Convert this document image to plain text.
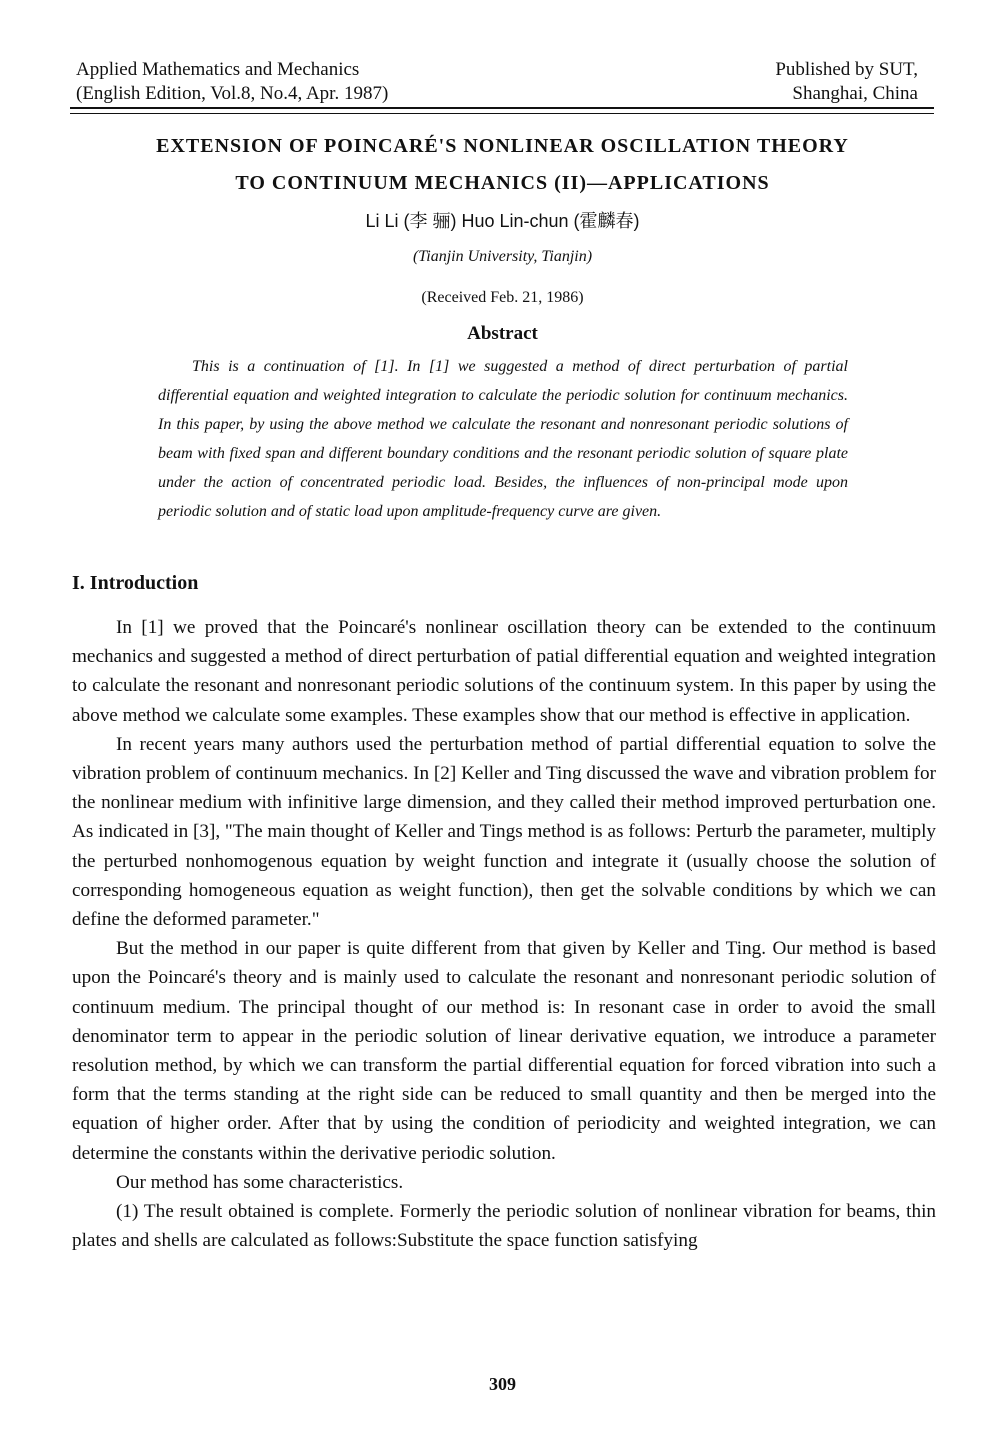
Applied Mathematics and Mechanics
(English Edition, Vol.8, No.4, Apr. 1987)
Published by SUT,
Shanghai, China
EXTENSION OF POINCARÉ'S NONLINEAR OSCILLATION THEORY
TO CONTINUUM MECHANICS (II)—APPLICATIONS
Li Li (李 骊) Huo Lin-chun (霍麟春)
(Tianjin University, Tianjin)
(Received Feb. 21, 1986)
Abstract

This is a continuation of [1]. In [1] we suggested a method of direct perturbation of partial differential equation and weighted integration to calculate the periodic solution for continuum mechanics. In this paper, by using the above method we calculate the resonant and nonresonant periodic solutions of beam with fixed span and different boundary conditions and the resonant periodic solution of square plate under the action of concentrated periodic load. Besides, the influences of non-principal mode upon periodic solution and of static load upon amplitude-frequency curve are given.

I. Introduction

In [1] we proved that the Poincaré's nonlinear oscillation theory can be extended to the continuum mechanics and suggested a method of direct perturbation of patial differential equation and weighted integration to calculate the resonant and nonresonant periodic solutions of the continuum system. In this paper by using the above method we calculate some examples. These examples show that our method is effective in application.

In recent years many authors used the perturbation method of partial differential equation to solve the vibration problem of continuum mechanics. In [2] Keller and Ting discussed the wave and vibration problem for the nonlinear medium with infinitive large dimension, and they called their method improved perturbation one. As indicated in [3], "The main thought of Keller and Tings method is as follows: Perturb the parameter, multiply the perturbed nonhomogenous equation by weight function and integrate it (usually choose the solution of corresponding homogeneous equation as weight function), then get the solvable conditions by which we can define the deformed parameter."

But the method in our paper is quite different from that given by Keller and Ting. Our method is based upon the Poincaré's theory and is mainly used to calculate the resonant and nonresonant periodic solution of continuum medium. The principal thought of our method is: In resonant case in order to avoid the small denominator term to appear in the periodic solution of linear derivative equation, we introduce a parameter resolution method, by which we can transform the partial differential equation for forced vibration into such a form that the terms standing at the right side can be reduced to small quantity and then be merged into the equation of higher order. After that by using the condition of periodicity and weighted integration, we can determine the constants within the derivative periodic solution.

Our method has some characteristics.

(1) The result obtained is complete. Formerly the periodic solution of nonlinear vibration for beams, thin plates and shells are calculated as follows:Substitute the space function satisfying

309
